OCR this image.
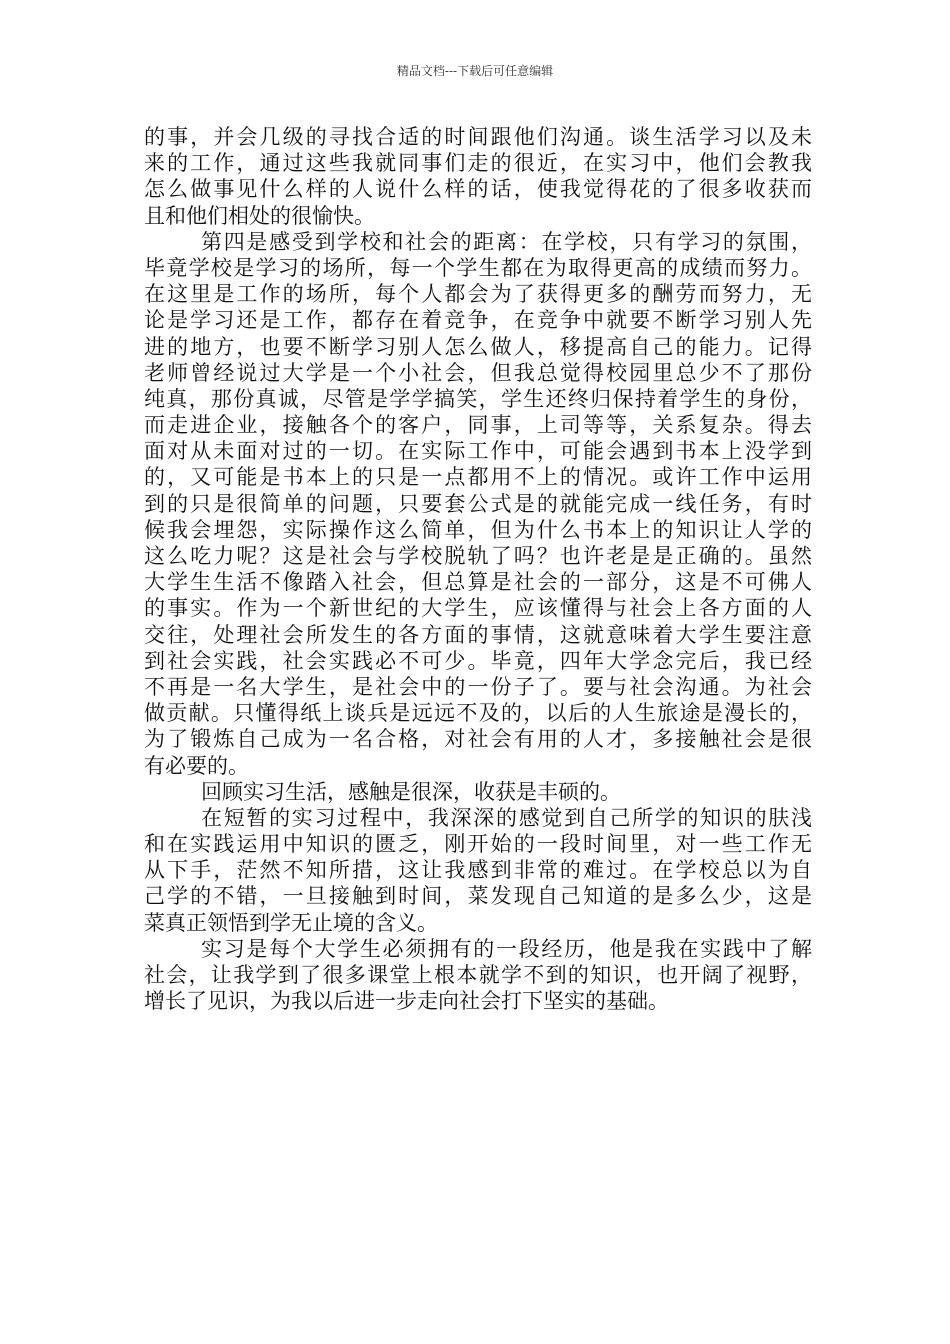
精品文档---下载后可任意编辑
的事，并会几级的寻找合适的时间跟他们沟通。谈生活学习以及未
来的工作，通过这些我就同事们走的很近，在实习中，他们会教我
怎么做事见什么样的人说什么样的话，使我觉得花的了很多收获而
且和他们相处的很愉快。
第四是感受到学校和社会的距离：在学校，只有学习的氛围，
毕竟学校是学习的场所，每一个学生都在为取得更高的成绩而努力。
在这里是工作的场所，每个人都会为了获得更多的酬劳而努力，无
论是学习还是工作，都存在着竞争，在竞争中就要不断学习别人先
进的地方，也要不断学习别人怎么做人，移提高自己的能力。记得
老师曾经说过大学是一个小社会，但我总觉得校园里总少不了那份
纯真，那份真诚，尽管是学学搞笑，学生还终归保持着学生的身份，
而走进企业，接触各个的客户，同事，上司等等，关系复杂。得去
面对从未面对过的一切。在实际工作中，可能会遇到书本上没学到
的，又可能是书本上的只是一点都用不上的情况。或许工作中运用
到的只是很简单的问题，只要套公式是的就能完成一线任务，有时
候我会埋怨，实际操作这么简单，但为什么书本上的知识让人学的
这么吃力呢？这是社会与学校脱轨了吗？也许老是是正确的。虽然
大学生生活不像踏入社会，但总算是社会的一部分，这是不可佛人
的事实。作为一个新世纪的大学生，应该懂得与社会上各方面的人
交往，处理社会所发生的各方面的事情，这就意味着大学生要注意
到社会实践，社会实践必不可少。毕竟，四年大学念完后，我已经
不再是一名大学生，是社会中的一份子了。要与社会沟通。为社会
做贡献。只懂得纸上谈兵是远远不及的，以后的人生旅途是漫长的，
为了锻炼自己成为一名合格，对社会有用的人才，多接触社会是很
有必要的。
回顾实习生活，感触是很深，收获是丰硕的。
在短暂的实习过程中，我深深的感觉到自己所学的知识的肤浅
和在实践运用中知识的匮乏，刚开始的一段时间里，对一些工作无
从下手，茫然不知所措，这让我感到非常的难过。在学校总以为自
己学的不错，一旦接触到时间，菜发现自己知道的是多么少，这是
菜真正领悟到学无止境的含义。
实习是每个大学生必须拥有的一段经历，他是我在实践中了解
社会，让我学到了很多课堂上根本就学不到的知识，也开阔了视野，
增长了见识，为我以后进一步走向社会打下坚实的基础。
